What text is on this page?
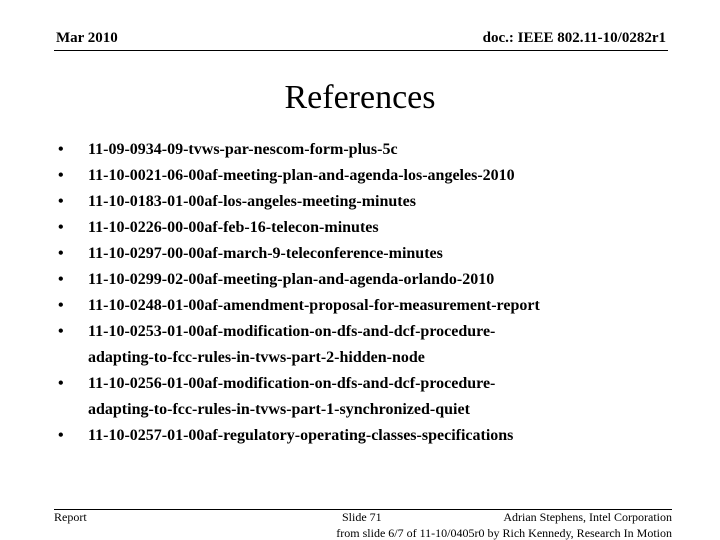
Mar 2010	doc.: IEEE 802.11-10/0282r1
References
•	11-09-0934-09-tvws-par-nescom-form-plus-5c
•	11-10-0021-06-00af-meeting-plan-and-agenda-los-angeles-2010
•	11-10-0183-01-00af-los-angeles-meeting-minutes
•	11-10-0226-00-00af-feb-16-telecon-minutes
•	11-10-0297-00-00af-march-9-teleconference-minutes
•	11-10-0299-02-00af-meeting-plan-and-agenda-orlando-2010
•	11-10-0248-01-00af-amendment-proposal-for-measurement-report
•	11-10-0253-01-00af-modification-on-dfs-and-dcf-procedure-
adapting-to-fcc-rules-in-tvws-part-2-hidden-node
•	11-10-0256-01-00af-modification-on-dfs-and-dcf-procedure-
adapting-to-fcc-rules-in-tvws-part-1-synchronized-quiet
•	11-10-0257-01-00af-regulatory-operating-classes-specifications
Report	Slide 71	Adrian Stephens, Intel Corporation
from slide 6/7 of 11-10/0405r0 by Rich Kennedy, Research In Motion
